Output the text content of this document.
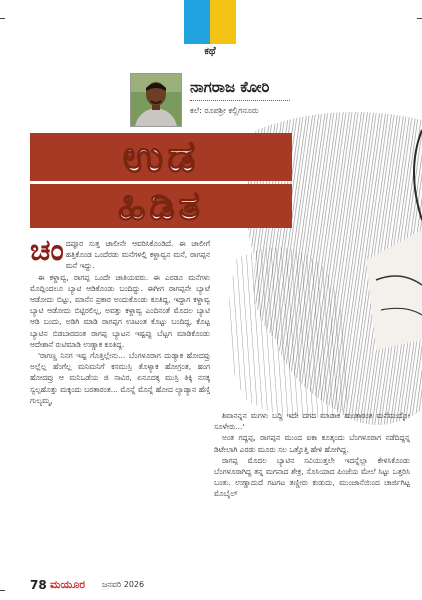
ಕಥೆ
ನಾಗರಾಜ ಕೋರಿ
ಕಲೆ: ರೂಪಶ್ರೀ ಕಲ್ಲಿಗನೂರು
ಉಡ
ಹಿಡಿತ
ಚಂ ದಪ್ಪೂರ ಸುತ್ತ ಜಾಲೀನೇ ಆವರಿಸಿಕೊಂಡಿದೆ. ಈ ಜಾಲೀಗೆ ಹತ್ತಿಕೊಂಡ ಒಂದೆರಡು ಮನೆಗಳಲ್ಲಿ ಕಳ್ದಾವ್ವನ ಮನೆ, ರಾಗಪ್ಪನ ಮನೆ ಇದ್ದು.

ಈ ಕಳ್ದಾವ್ವ, ರಾಗಪ್ಪ ಒಂದೇ ಜಾತಿಯವರು. ಈ ಎರಡೂ ಮನೆಗಳು ಮೊದ್ಲಿಂದಲೂ ಬ್ಯಾಟಿ ಆಡಿಕೊಂಡು ಬಂದಿದ್ದು. ಈಗೀಗ ರಾಗಪ್ಪನೇ ಬ್ಯಾಟೆ ಆಡೋದು ಬಿಟ್ಟು, ಮಾನೆಸ ಪ್ರಕಾರ ಅಂದುಕೊಂಡು ಕೂತಿದ್ದ, ಇದ್ದಾಗ ಕಳ್ದಾವ್ವ ಬ್ಯಾಟಿ ಆಡೋದು ಬಿಟ್ಟಿರಲಿಲ್ಲ, ಅವತ್ತು ಕಳ್ದಾವ್ವ ಎಂದಿನಂತೆ ಮೊದಲ ಬ್ಯಾಟಿ ಆಡಿ ಬಂದು, ಅಡಿಗಿ ಮಾಡಿ ರಾಗಪ್ಪಗ ಊಟಂತ ಕೊಟ್ಟು ಬಂದಿದ್ದ, ಕೊಟ್ಟ ಬ್ಯಾಟಿನ ಬಿಡಬಾರದಂತ ರಾಗಪ್ಪ ಬ್ಯಾಟನ ಇಷ್ಟಪ್ಪು ಬೆಟ್ಟಗ ಮಾಡಿಕೊಂಡು ಆದೇಶಾನೆ ರುಟಿಮಾಡಿ ಉಣ್ಣಾಕ ಕೂತಿದ್ದ.

'ರಾಗಣ್ಣ ನಿನಗ ಇಷ್ಟ ಗೊತ್ತಿಲ್ಲೇನು... ಬೆಂಗಳೂರಾಗ ದುಡ್ಯಾಕ ಹೋದವ್ರು ಅಲ್ಲೆಲ್ಲ ಹೆಂಗೆಲ್ಲ ಮನಿಮನಿಗೆ ಕಸಮುಸ್ರಿ ತೊಳ್ಯಾಕ ಹೋಗ್ರಂತ, ಹಂಗ ಹೋದವ್ರು ಆ ಮನಿಒಡೆಯ ಜಿ ಸಾವಿರ, ಏನೂದಕ್ಕ ಮುಸ್ರಿ ತಿಕ್ಕಿ ನಸಕ್ಕ ಸ್ವಲ್ಪಹೊತ್ತು ಮಕ್ಕಂದು ಬರತಾರಂತ... ಮೊನ್ನೆ ಮೊನ್ನೆ ಹೋದ ಲ್ಯಾಡ್ಯಾನ ಹೆಣ್ತಿ ಗುಲ್ಯಮ್ಮ,

ಶಿವಾನನ್ನನ ಮಗಳು ಬದ್ದಿ ಇದೇ ದಗದ ಮಾಡಾಕ ಹುಂತಾರಂತ ಮನೆಮುದ್ಕೋ ಸೂಳೇರು...'

ಅಂತ ಗದ್ದಪ್ಪ, ರಾಗಪ್ಪನ ಮುಂದ ಐಕಾ ಕೂತ್ಕಂದು ಬೆಂಗಳೂರಾಗ ನಡೆದಿದ್ದನ್ನ ಡಿಟೇಲಾಗಿ ಎರಡು ಮೂರು ಸಲ ಒತ್ತೊತ್ತಿ ಹೇಳಿ ಹೋಗಿದ್ದ.

ರಾಗಪ್ಪ ಮೊದಲ ಬ್ಯಾಟಿನ ಸವಿಯುತ್ತಲೇ ಇದನ್ನೆಲ್ಲಾ ಕೇಳಿಸಿಕೊಂಡು ಬೆಂಗಳೂರಾಗಿದ್ದ ತನ್ನ ಮಗನಾದ ಶೇಕ್ರ, ಸೊಸಿಯಾದ ಪಿಂಜೆಯ ಮೇಲೆ ಸಿಟ್ಟು ಒತ್ತರಿಸಿ ಬಂತು. ಉಣ್ಣಾದುದೆ ಗಟಗಟ ತಣ್ಣೀರು ಕುಡುದು, ಮುಂಜಾನೆಯಿಂದ ಚಾರ್ಜಿಗಿಟ್ಟ ಮೊಬೈಲ್

78 ಮಯೂರ ಜನವರಿ 2026
